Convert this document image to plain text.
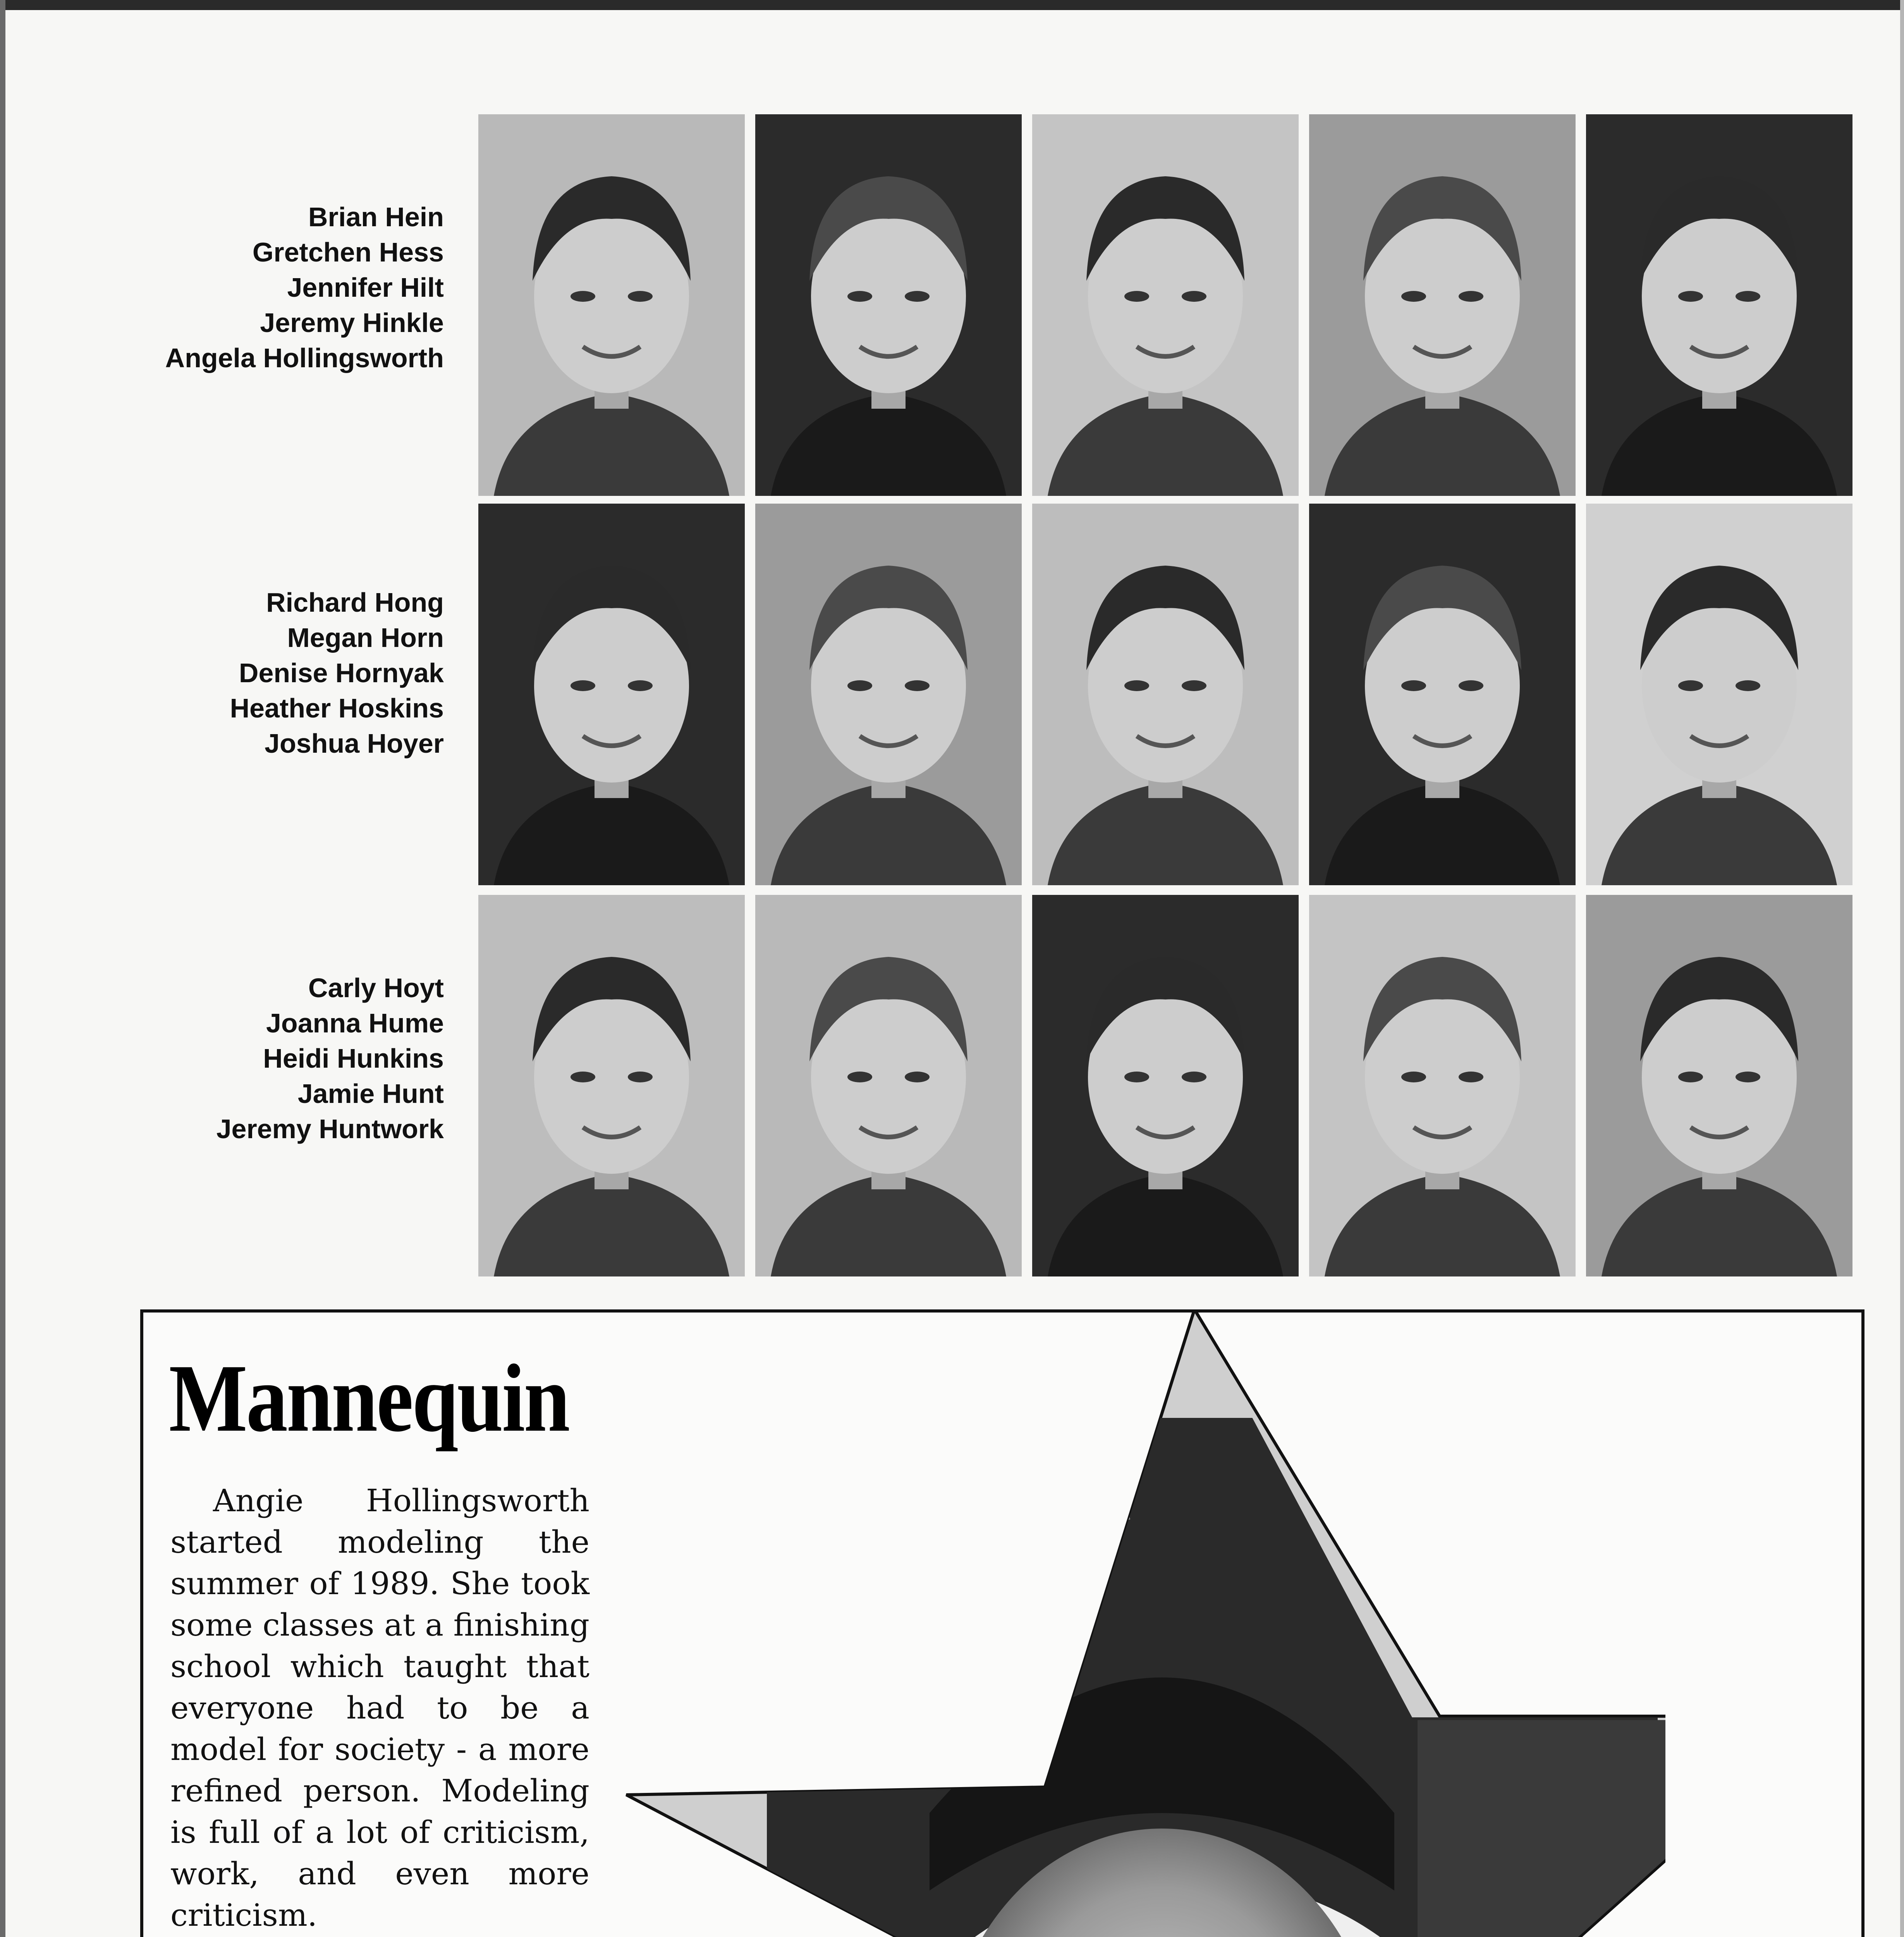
Brian Hein
Gretchen Hess
Jennifer Hilt
Jeremy Hinkle
Angela Hollingsworth
Richard Hong
Megan Horn
Denise Hornyak
Heather Hoskins
Joshua Hoyer
Carly Hoyt
Joanna Hume
Heidi Hunkins
Jamie Hunt
Jeremy Huntwork
Mannequin

Angie Hollingsworth started modeling the summer of 1989. She took some classes at a finishing school which taught that everyone had to be a model for society - a more refined person. Modeling is full of a lot of criticism, work, and even more criticism.
